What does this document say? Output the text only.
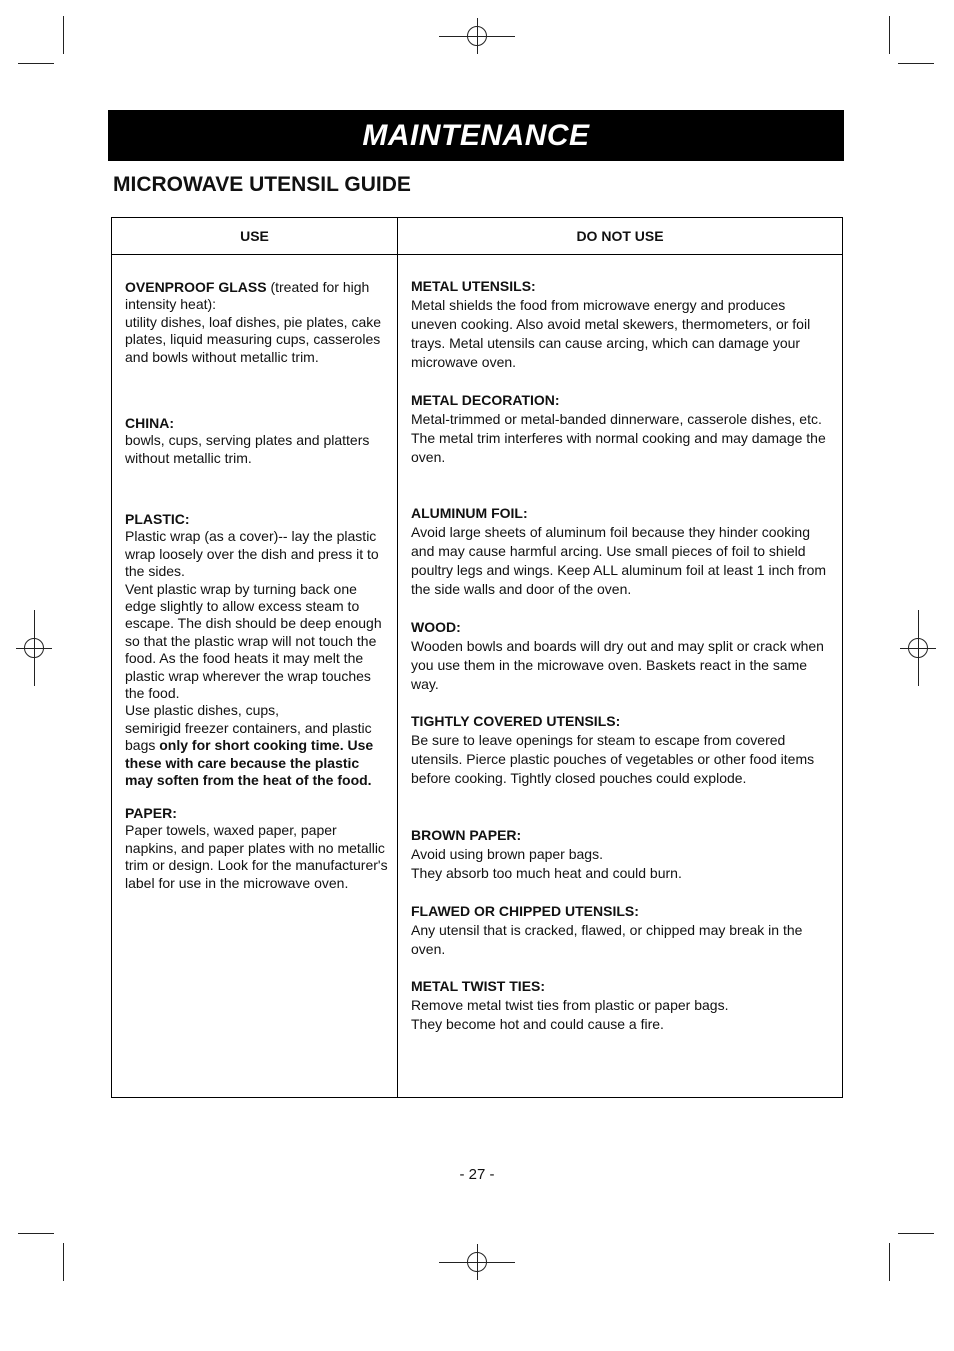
MAINTENANCE
MICROWAVE UTENSIL GUIDE
USE	DO NOT USE

OVENPROOF GLASS (treated for high intensity heat):

utility dishes, loaf dishes, pie plates, cake plates, liquid measuring cups, casseroles and bowls without metallic trim.

CHINA:

bowls, cups, serving plates and platters without metallic trim.

PLASTIC:

Plastic wrap (as a cover)-- lay the plastic wrap loosely over the dish and press it to the sides.

Vent plastic wrap by turning back one edge slightly to allow excess steam to escape. The dish should be deep enough so that the plastic wrap will not touch the food. As the food heats it may melt the plastic wrap wherever the wrap touches the food.

Use plastic dishes, cups,

semirigid freezer containers, and plastic bags only for short cooking time. Use these with care because the plastic may soften from the heat of the food.

PAPER:

Paper towels, waxed paper, paper napkins, and paper plates with no metallic trim or design. Look for the manufacturer's label for use in the microwave oven.

METAL UTENSILS:

Metal shields the food from microwave energy and produces uneven cooking. Also avoid metal skewers, thermometers, or foil trays. Metal utensils can cause arcing, which can damage your microwave oven.

METAL DECORATION:

Metal-trimmed or metal-banded dinnerware, casserole dishes, etc. The metal trim interferes with normal cooking and may damage the oven.

ALUMINUM FOIL:

Avoid large sheets of aluminum foil because they hinder cooking and may cause harmful arcing. Use small pieces of foil to shield poultry legs and wings. Keep ALL aluminum foil at least 1 inch from the side walls and door of the oven.

WOOD:

Wooden bowls and boards will dry out and may split or crack when you use them in the microwave oven. Baskets react in the same way.

TIGHTLY COVERED UTENSILS:

Be sure to leave openings for steam to escape from covered utensils. Pierce plastic pouches of vegetables or other food items before cooking. Tightly closed pouches could explode.

BROWN PAPER:

Avoid using brown paper bags.

They absorb too much heat and could burn.

FLAWED OR CHIPPED UTENSILS:

Any utensil that is cracked, flawed, or chipped may break in the oven.

METAL TWIST TIES:

Remove metal twist ties from plastic or paper bags.

They become hot and could cause a fire.

- 27 -
